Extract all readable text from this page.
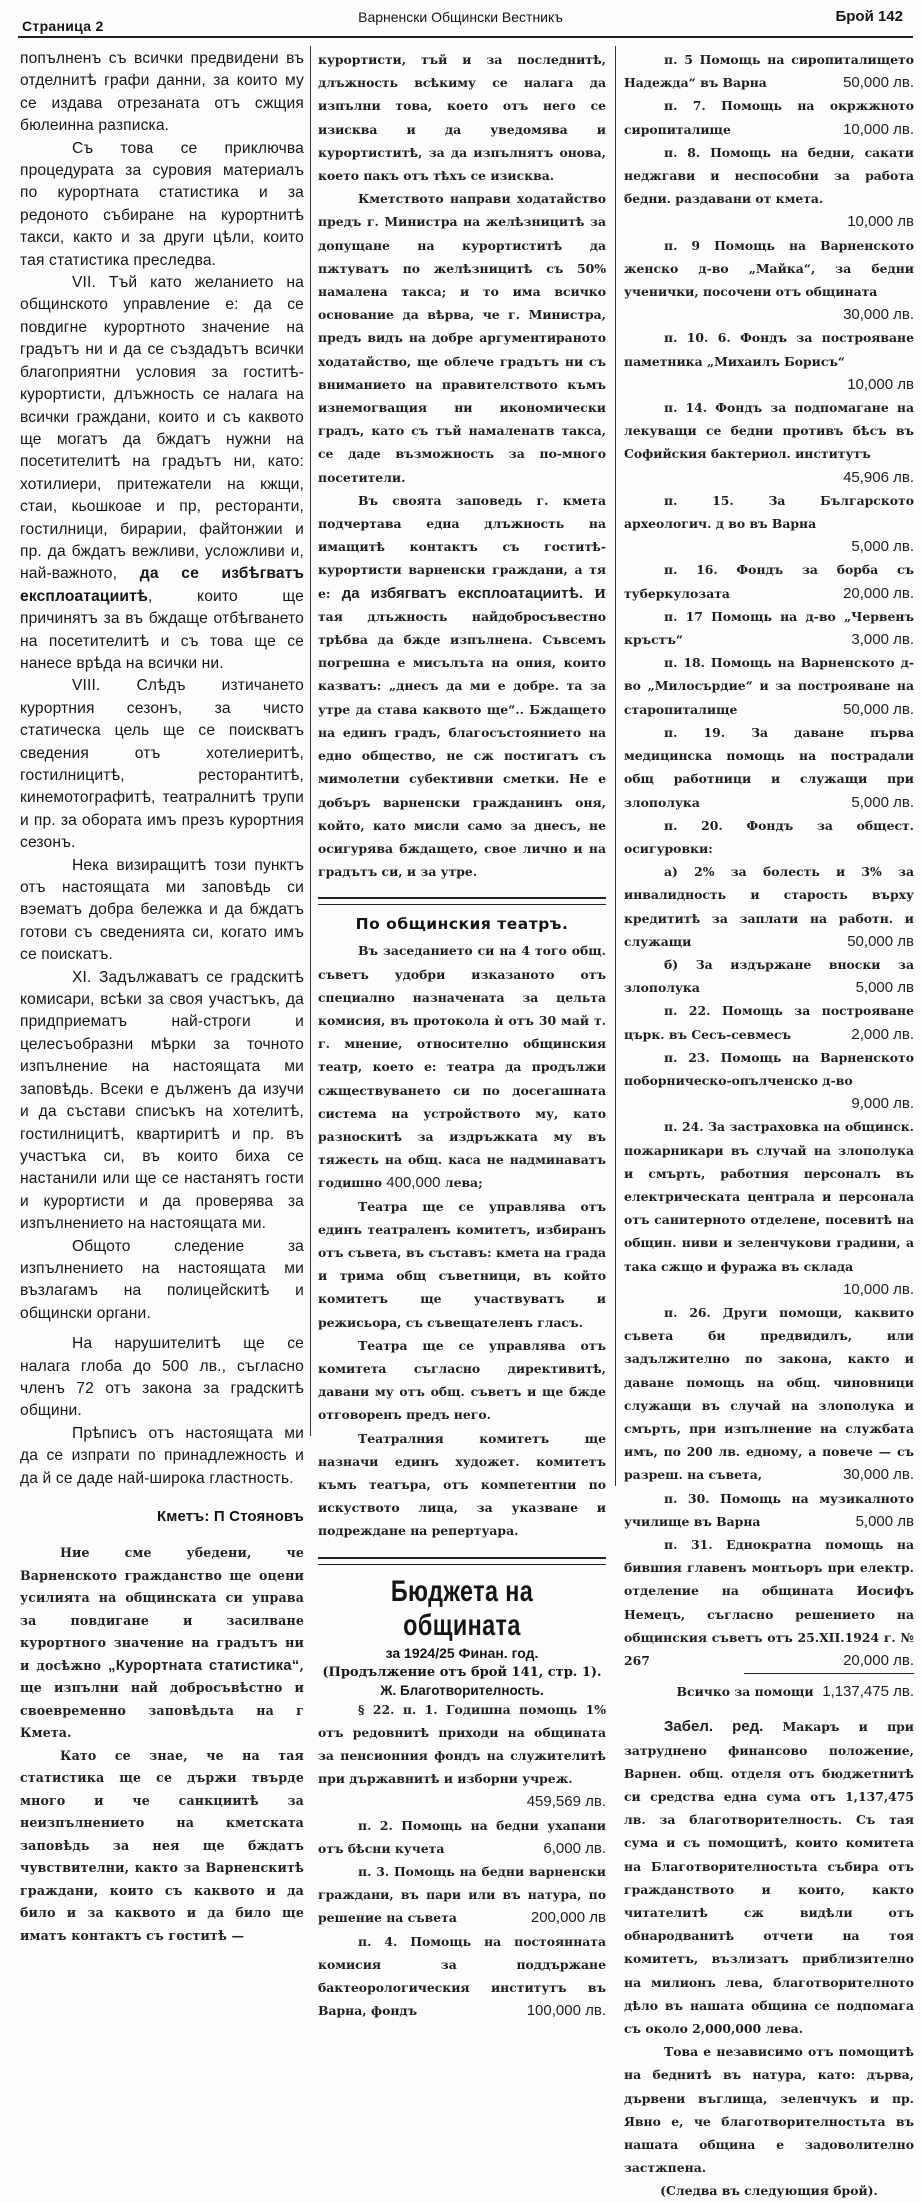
Страница 2
Варненски Общински Вестникъ	Брой 142

попълненъ съ всички предвидени въ отделнитѣ графи данни, за които му се издава отрезаната отъ сжщия бюлеинна разписка.

Съ това се приключва процедурата за суровия материалъ по курортната статистика и за редоното събиране на курортнитѣ такси, както и за други цѣли, които тая статистика преследва.

VII. Тъй като желанието на общинското управление е: да се повдигне курортното значение на градътъ ни и да се създадътъ всички благоприятни условия за гоститѣ-курортисти, длъжность се налага на всички граждани, които и съ каквото ще могатъ да бждатъ нужни на посетителитѣ на градътъ ни, като: хотилиери, притежатели на кжщи, стаи, кьошкоае и пр, ресторанти, гостилници, бирарии, файтонжии и пр. да бждатъ вежливи, усложливи и, най-важното, да се избѣгватъ експлоатациитѣ, които ще причинятъ за въ бждаще отбѣгването на посетителитѣ и съ това ще се нанесе врѣда на всички ни.

VIII. Слѣдъ изтичането курортния сезонъ, за чисто статическа цель ще се поискватъ сведения отъ хотелиеритѣ, гостилницитѣ, ресторантитѣ, кинемотографитѣ, театралнитѣ трупи и пр. за обората имъ презъ курортния сезонъ.

Нека визиращитѣ този пунктъ отъ настоящата ми заповѣдь си вэематъ добра бележка и да бждатъ готови съ сведенията си, когато имъ се поискатъ.

XI. Задължаватъ се градскитѣ комисари, всѣки за своя участъкъ, да придприематъ най-строги и целесъобразни мѣрки за точното изпълнение на настоящата ми заповѣдь. Всеки е дълженъ да изучи и да състави списъкъ на хотелитѣ, гостилницитѣ, квартиритѣ и пр. въ участъка си, въ които биха се настанили или ще се настанятъ гости и курортисти и да проверява за изпълнението на настоящата ми.

Общото следение за изпълнението на настоящата ми възлагамъ на полицейскитѣ и общински органи.

На нарушителитѣ ще се налага глоба до 500 лв., съгласно членъ 72 отъ закона за градскитѣ общини.

Прѣписъ отъ настоящата ми да се изпрати по принадлежность и да й се даде най-широка гластность.

Кметъ: П Стояновъ

Ние сме убедени, че Варненското гражданство ще оцени усилията на общинската си управа за повдигане и засилване курортного значение на градътъ ни и досѣжно „Курортната статистика“, ще изпълни най добросъвѣстно и своевременно заповѣдьта на г Кмета.

Като се знае, че на тая статистика ще се държи твърде много и че санкциитѣ за неизпълнението на кметската заповѣдь за нея ще бждатъ чувствителни, както за Варненскитѣ граждани, които съ каквото и да било и за каквото и да било ще иматъ контактъ съ гоститѣ —

курортисти, тъй и за последнитѣ, длъжность всѣкиму се налага да изпълни това, което отъ него се изисква и да уведомява и курортиститѣ, за да изпълнятъ онова, което пакъ отъ тѣхъ се изисква.

Кметството направи ходатайство предъ г. Министра на желѣзницитѣ за допущане на курортиститѣ да пжтуватъ по желѣзницитѣ съ 50% намалена такса; и то има всичко основание да вѣрва, че г. Министра, предъ видъ на добре аргументираното ходатайство, ще облече градътъ ни съ вниманието на правителството къмъ изнемогващия ни икономически градъ, като съ тъй намаленатв такса, се даде възможность за по-много посетители.

Въ своята заповедь г. кмета подчертава една длъжность на имащитѣ контактъ съ гоститѣ-курортисти варненски граждани, а тя е: да избягватъ експлоатациитѣ. И тая длъжность найдобросъвестно трѣбва да бжде изпълнена. Съвсемъ погрешна е мисълъта на ония, които казватъ: „днесъ да ми е добре. та за утре да става каквото ще“.. Бждащето на единъ градъ, благосъстоянието на едно общество, не сж постигатъ съ мимолетни субективни сметки. Не е добъръ варненски гражданинъ оня, който, като мисли само за днесъ, не осигурява бждащето, свое лично и на градътъ си, и за утре.

По общинския театръ.

Въ заседанието си на 4 того общ. съветъ удобри изказаното отъ специално назначената за цельта комисия, въ протокола ѝ отъ 30 май т. г. мнение, относително общинския театр, което е: театра да продължи сжществуването си по досегашната система на устройството му, като разноскитѣ за издръжката му въ тяжесть на общ. каса не надминаватъ годишно 400,000 лева;

Театра ще се управлява отъ единъ театраленъ комитетъ, избиранъ отъ съвета, въ съставъ: кмета на града и трима общ съветници, въ който комитетъ ще участвуватъ и режисьора, съ съвещателенъ гласъ.

Театра ще се управлява отъ комитета съгласно директивитѣ, давани му отъ общ. съветъ и ще бжде отговоренъ предъ него.

Театралния комитетъ ще назначи единъ художет. комитетъ къмъ театъра, отъ компетентни по искуството лица, за указване и подреждане на репертуара.

Бюджета на общината
за 1924/25 Финан. год.
(Продължение отъ брой 141, стр. 1).
Ж. Благотворителность.

§ 22. п. 1. Годишна помощь 1% отъ редовнитѣ приходи на общината за пенсионния фондъ на служителитѣ при държавнитѣ и изборни учреж.
459,569 лв.

п. 2. Помощь на бедни ухапани отъ бѣсни кучета	6,000 лв.

п. 3. Помощь на бедни варненски граждани, въ пари или въ натура, по решение на съвета	200,000 лв

п. 4. Помощь на постоянната комисия за поддържане бактеорологическия институтъ въ Варна, фондъ	100,000 лв.

п. 5 Помощь на сиропиталището Надежда“ въ Варна	50,000 лв.

п. 7. Помощь на окржжното сиропиталище	10,000 лв.

п. 8. Помощь на бедни, сакати неджгави и неспособни за работа бедни. раздавани от кмета.
10,000 лв

п. 9 Помощь на Варненското женско д-во „Майка“, за бедни ученички, посочени отъ общината
30,000 лв.

п. 10. 6. Фондъ за построяване паметника „Михаилъ Борисъ“
10,000 лв

п. 14. Фондъ за подпомагане на лекуващи се бедни противъ бѣсъ въ Софийския бактериол. институтъ
45,906 лв.

п. 15. За Българското археологич. д во въ Варна
5,000 лв.

п. 16. Фондъ за борба съ туберкулозата	20,000 лв.

п. 17 Помощь на д-во „Червенъ кръстъ“	3,000 лв.

п. 18. Помощь на Варненското д-во „Милосърдие“ и за построяване на старопиталище	50,000 лв.

п. 19. За даване първа медицинска помощь на пострадали общ работници и служащи при злополука	5,000 лв.

п. 20. Фондъ за общест. осигуровки:

а) 2% за болесть и 3% за инвалидность и старость върху кредититѣ за заплати на работн. и служащи	50,000 лв

б) За издържане вноски за злополука	5,000 лв

п. 22. Помощь за построяване църк. въ Сесъ-севмесъ	2,000 лв.

п. 23. Помощь на Варненското поборническо-опълченско д-во
9,000 лв.

п. 24. За застраховка на общинск. пожарникари въ случай на злополука и смърть, работния персоналъ въ електрическата централа и персонала отъ санитерното отделене, посевитѣ на общин. ниви и зеленчукови градини, а така сжщо и фуража въ склада
10,000 лв.

п. 26. Други помощи, каквито съвета би предвидилъ, или задължително по закона, както и даване помощь на общ. чиновници служащи въ случай на злополука и смърть, при изпълнение на службата имъ, по 200 лв. едному, а повече — съ разреш. на съвета,	30,000 лв.

п. 30. Помощь на музикалното училище въ Варна	5,000 лв

п. 31. Еднократна помощь на бившия главенъ монтьоръ при електр. отделение на общината Иосифъ Немецъ, съгласно решението на общинския съветъ отъ 25.XII.1924 г. № 267	20,000 лв.

Всичко за помощи 1,137,475 лв.

Забел. ред. Макаръ и при затруднено финансово положение, Варнен. общ. отделя отъ бюджетнитѣ си средства една сума отъ 1,137,475 лв. за благотворителность. Съ тая сума и съ помощитѣ, които комитета на Благотворителностьта събира отъ гражданството и които, както читателитѣ сж видѣли отъ обнародванитѣ отчети на тоя комитетъ, възлизатъ приблизително на милионъ лева, благотворителното дѣло въ нашата община се подпомага съ около 2,000,000 лева.

Това е независимо отъ помощитѣ на беднитѣ въ натура, като: дърва, дървени въглища, зеленчукъ и пр. Явно е, че благотворителностьта въ нашата община е задоволително застжпена.

(Следва въ следующия брой).
